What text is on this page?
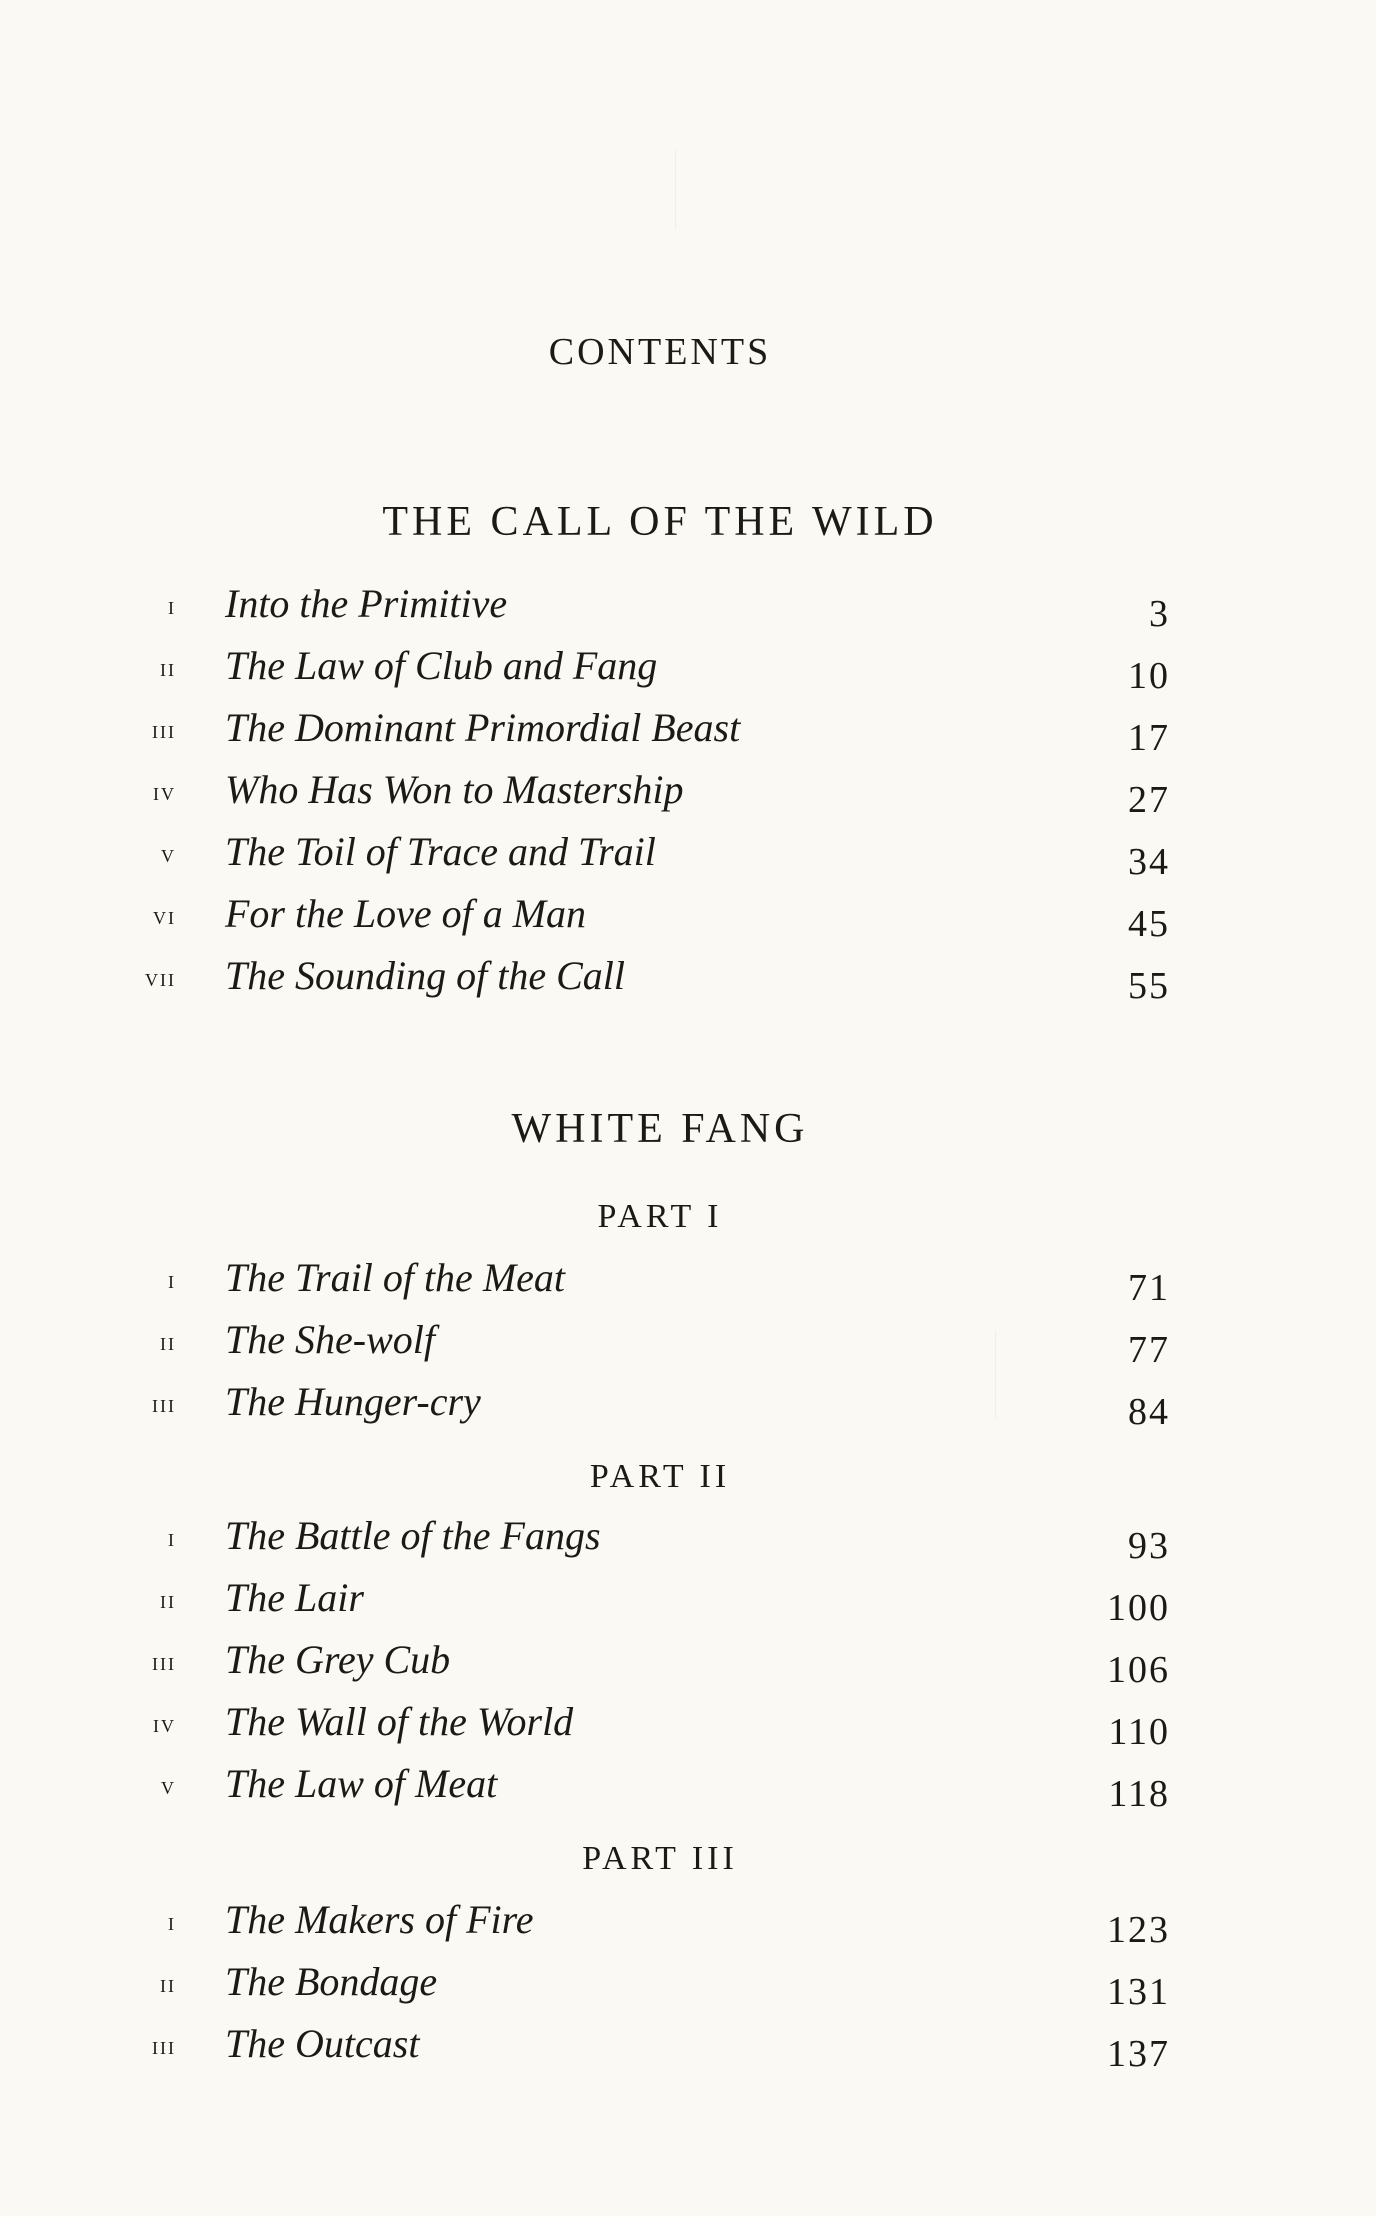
CONTENTS
THE CALL OF THE WILD
i Into the Primitive	3
ii The Law of Club and Fang	10
iii The Dominant Primordial Beast	17
iv Who Has Won to Mastership	27
v The Toil of Trace and Trail	34
vi For the Love of a Man	45
vii The Sounding of the Call	55
WHITE FANG
PART I
i The Trail of the Meat	71
ii The She-wolf	77
iii The Hunger-cry	84
PART II
i The Battle of the Fangs	93
ii The Lair	100
iii The Grey Cub	106
iv The Wall of the World	110
v The Law of Meat	118
PART III
i The Makers of Fire	123
ii The Bondage	131
iii The Outcast	137
